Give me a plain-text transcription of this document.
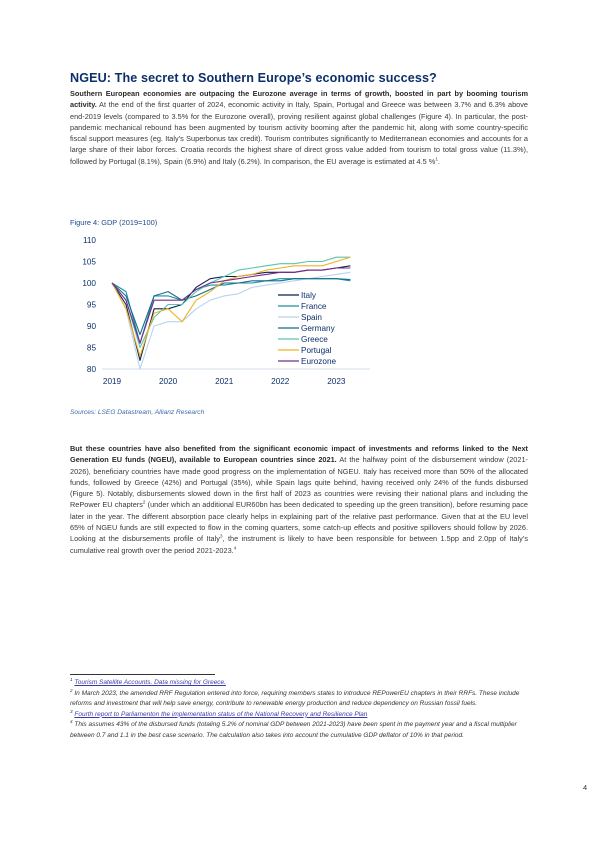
NGEU: The secret to Southern Europe’s economic success?

Southern European economies are outpacing the Eurozone average in terms of growth, boosted in part by booming tourism activity. At the end of the first quarter of 2024, economic activity in Italy, Spain, Portugal and Greece was between 3.7% and 6.3% above end-2019 levels (compared to 3.5% for the Eurozone overall), proving resilient against global challenges (Figure 4). In particular, the post-pandemic mechanical rebound has been augmented by tourism activity booming after the pandemic hit, along with some country-specific fiscal support measures (eg. Italy’s Superbonus tax credit). Tourism contributes significantly to Mediterranean economies and accounts for a large share of their labor forces. Croatia records the highest share of direct gross value added from tourism to total gross value (11.3%), followed by Portugal (8.1%), Spain (6.9%) and Italy (6.2%). In comparison, the EU average is estimated at 4.5 %$^1$.

Figure 4: GDP (2019=100)

110
105
100
95
90
85
80
2019	2020	2021	2022	2023
Italy
France
Spain
Germany
Greece
Portugal
Eurozone

Sources: LSEG Datastream, Allianz Research

But these countries have also benefited from the significant economic impact of investments and reforms linked to the Next Generation EU funds (NGEU), available to European countries since 2021. At the halfway point of the disbursement window (2021-2026), beneficiary countries have made good progress on the implementation of NGEU. Italy has received more than 50% of the allocated funds, followed by Greece (42%) and Portugal (35%), while Spain lags quite behind, having received only 24% of the funds disbursed (Figure 5). Notably, disbursements slowed down in the first half of 2023 as countries were revising their national plans and including the RePower EU chapters$^2$ (under which an additional EUR60bn has been dedicated to speeding up the green transition), before resuming pace later in the year. The different absorption pace clearly helps in explaining part of the relative past performance. Given that at the EU level 65% of NGEU funds are still expected to flow in the coming quarters, some catch-up effects and positive spillovers should follow by 2026. Looking at the disbursements profile of Italy$^3$, the instrument is likely to have been responsible for between 1.5pp and 2.0pp of Italy’s cumulative real growth over the period 2021-2023.$^4$

$^1$ Tourism Satellite Accounts. Data missing for Greece.

$^2$ In March 2023, the amended RRF Regulation entered into force, requiring members states to introduce REPowerEU chapters in their RRFs. These include reforms and investment that will help save energy, contribute to renewable energy production and reduce dependency on Russian fossil fuels.

$^3$ Fourth report to Parliamenton the implementation status of the National Recovery and Resilience Plan

$^4$ This assumes 43% of the disbursed funds (totaling 5.2% of nominal GDP between 2021-2023) have been spent in the payment year and a fiscal multiplier between 0.7 and 1.1 in the best case scenario. The calculation also takes into account the cumulative GDP deflator of 10% in that period.

4
